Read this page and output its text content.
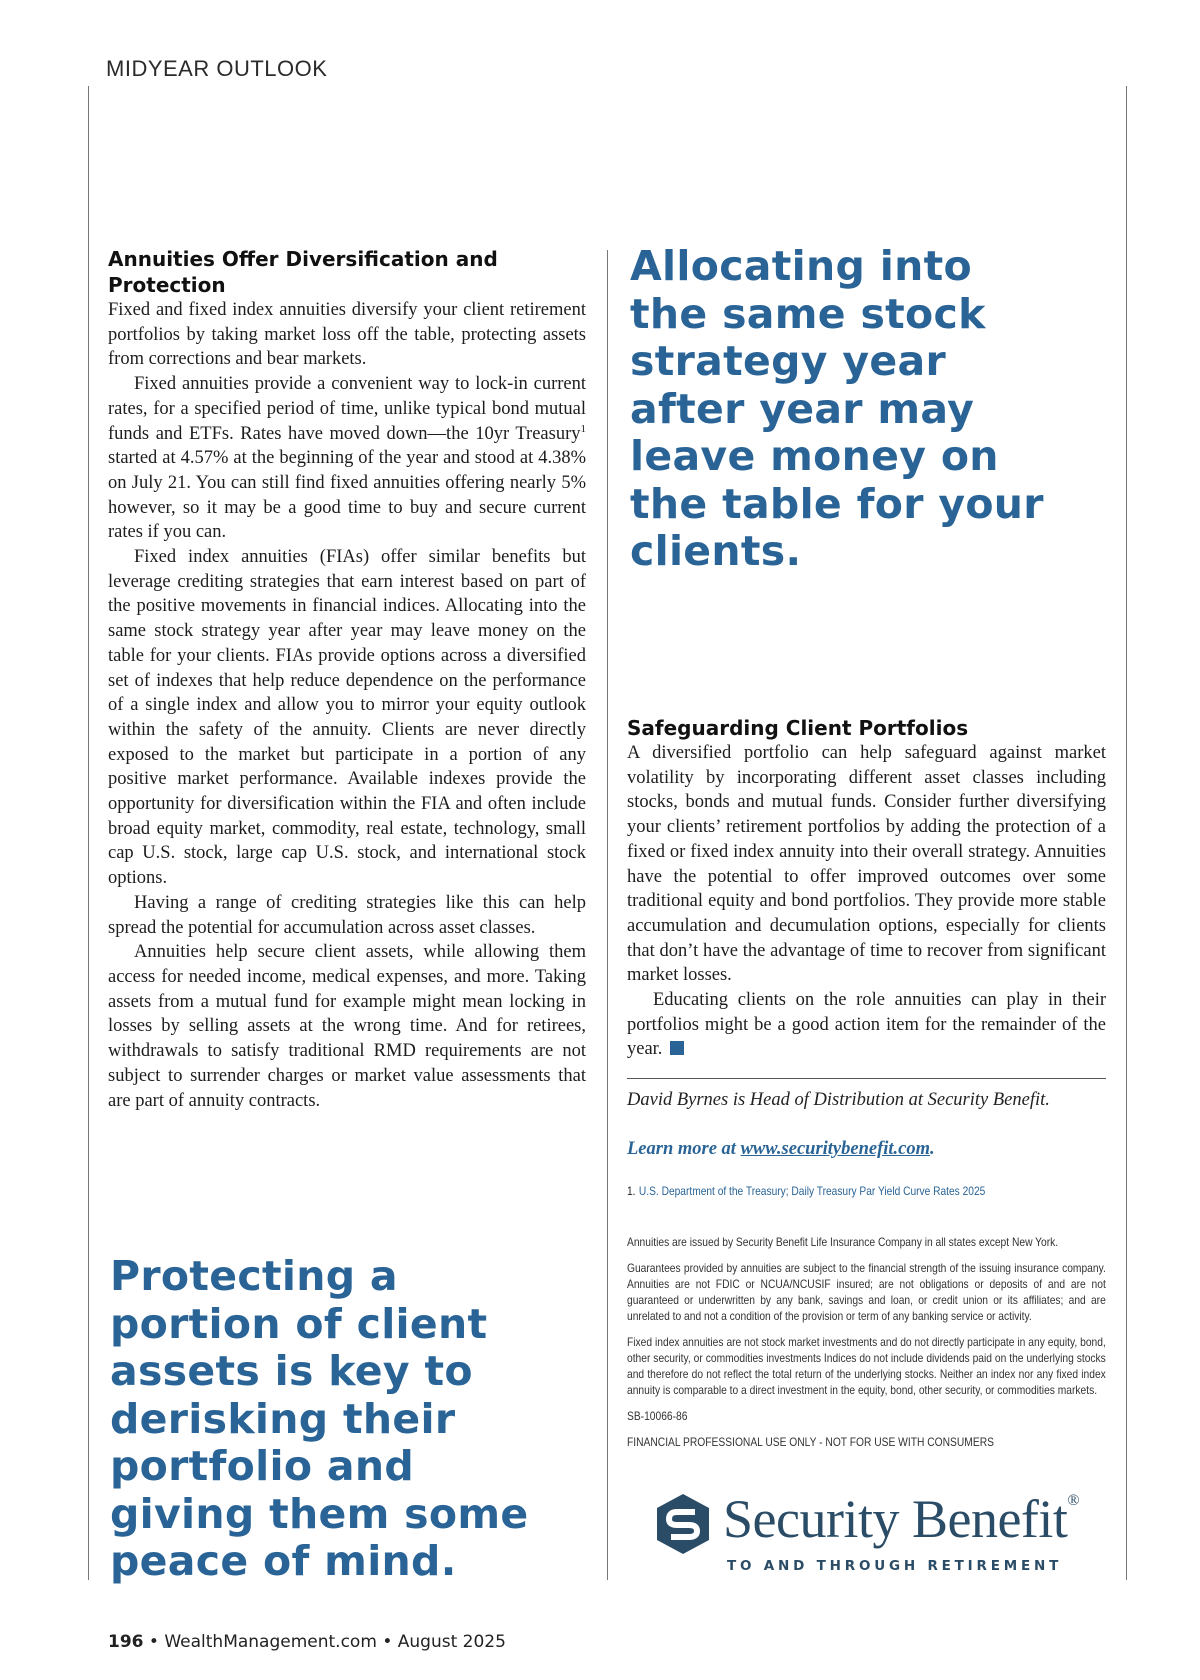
MIDYEAR OUTLOOK
Annuities Offer Diversification and Protection

Fixed and fixed index annuities diversify your client retirement portfolios by taking market loss off the table, protecting assets from corrections and bear markets.

Fixed annuities provide a convenient way to lock-in current rates, for a specified period of time, unlike typical bond mutual funds and ETFs. Rates have moved down—the 10yr Treasury$^1$ started at 4.57% at the beginning of the year and stood at 4.38% on July 21. You can still find fixed annuities offering nearly 5% however, so it may be a good time to buy and secure current rates if you can.

Fixed index annuities (FIAs) offer similar benefits but leverage crediting strategies that earn interest based on part of the positive movements in financial indices. Allocating into the same stock strategy year after year may leave money on the table for your clients. FIAs provide options across a diversified set of indexes that help reduce dependence on the performance of a single index and allow you to mirror your equity outlook within the safety of the annuity. Clients are never directly exposed to the market but participate in a portion of any positive market performance. Available indexes provide the opportunity for diversification within the FIA and often include broad equity market, commodity, real estate, technology, small cap U.S. stock, large cap U.S. stock, and international stock options.

Having a range of crediting strategies like this can help spread the potential for accumulation across asset classes.

Annuities help secure client assets, while allowing them access for needed income, medical expenses, and more. Taking assets from a mutual fund for example might mean locking in losses by selling assets at the wrong time. And for retirees, withdrawals to satisfy traditional RMD requirements are not subject to surrender charges or market value assessments that are part of annuity contracts.

Allocating into the same stock strategy year after year may leave money on the table for your clients.

Protecting a portion of client assets is key to derisking their portfolio and giving them some peace of mind.

Safeguarding Client Portfolios

A diversified portfolio can help safeguard against market volatility by incorporating different asset classes including stocks, bonds and mutual funds. Consider further diversifying your clients’ retirement portfolios by adding the protection of a fixed or fixed index annuity into their overall strategy. Annuities have the potential to offer improved outcomes over some traditional equity and bond portfolios. They provide more stable accumulation and decumulation options, especially for clients that don’t have the advantage of time to recover from significant market losses.

Educating clients on the role annuities can play in their portfolios might be a good action item for the remainder of the year.

David Byrnes is Head of Distribution at Security Benefit.
Learn more at www.securitybenefit.com.
1. U.S. Department of the Treasury; Daily Treasury Par Yield Curve Rates 2025

Annuities are issued by Security Benefit Life Insurance Company in all states except New York.

Guarantees provided by annuities are subject to the financial strength of the issuing insurance company. Annuities are not FDIC or NCUA/NCUSIF insured; are not obligations or deposits of and are not guaranteed or underwritten by any bank, savings and loan, or credit union or its affiliates; and are unrelated to and not a condition of the provision or term of any banking service or activity.

Fixed index annuities are not stock market investments and do not directly participate in any equity, bond, other security, or commodities investments Indices do not include dividends paid on the underlying stocks and therefore do not reflect the total return of the underlying stocks. Neither an index nor any fixed index annuity is comparable to a direct investment in the equity, bond, other security, or commodities markets.

SB-10066-86

FINANCIAL PROFESSIONAL USE ONLY - NOT FOR USE WITH CONSUMERS

Security Benefit®
TO AND THROUGH RETIREMENT
196 • WealthManagement.com • August 2025
